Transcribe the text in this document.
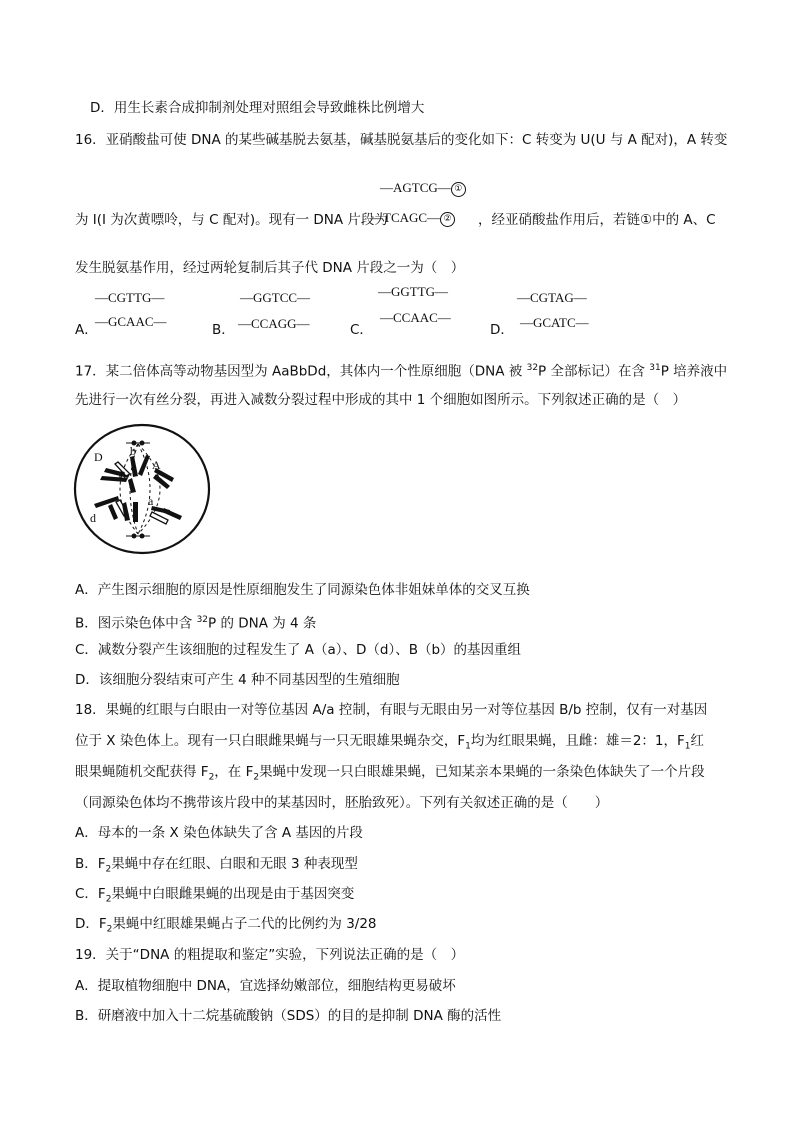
D．用生长素合成抑制剂处理对照组会导致雌株比例增大
16．亚硝酸盐可使 DNA 的某些碱基脱去氨基，碱基脱氨基后的变化如下：C 转变为 U(U 与 A 配对)，A 转变
—AGTCG— ①
为 I(I 为次黄嘌呤，与 C 配对)。现有一 DNA 片段为
—TCAGC— ② ，经亚硝酸盐作用后，若链①中的 A、C
发生脱氨基作用，经过两轮复制后其子代 DNA 片段之一为（　）
—CGTTG—
A．
—GCAAC—
—GGTCC—
B． —CCAGG—
—GGTTG—
C．
—CCAAC—
—CGTAG—
D． —GCATC—
17．某二倍体高等动物基因型为 AaBbDd，其体内一个性原细胞（DNA 被 $^{32}$P 全部标记）在含 $^{31}$P 培养液中
先进行一次有丝分裂，再进入减数分裂过程中形成的其中 1 个细胞如图所示。下列叙述正确的是（　）
D b
B
A
d
a
A．产生图示细胞的原因是性原细胞发生了同源染色体非姐妹单体的交叉互换
B．图示染色体中含 $^{32}$P 的 DNA 为 4 条
C．减数分裂产生该细胞的过程发生了 A（a）、D（d）、B（b）的基因重组
D．该细胞分裂结束可产生 4 种不同基因型的生殖细胞
18．果蝇的红眼与白眼由一对等位基因 A/a 控制，有眼与无眼由另一对等位基因 B/b 控制，仅有一对基因
位于 X 染色体上。现有一只白眼雌果蝇与一只无眼雄果蝇杂交，$F_1$均为红眼果蝇，且雌：雄＝2：1，$F_1$红
眼果蝇随机交配获得 $F_2$，在 $F_2$果蝇中发现一只白眼雄果蝇，已知某亲本果蝇的一条染色体缺失了一个片段
（同源染色体均不携带该片段中的某基因时，胚胎致死）。下列有关叙述正确的是（　　）
A．母本的一条 X 染色体缺失了含 A 基因的片段
B．$F_2$果蝇中存在红眼、白眼和无眼 3 种表现型
C．$F_2$果蝇中白眼雌果蝇的出现是由于基因突变
D．$F_2$果蝇中红眼雄果蝇占子二代的比例约为 3/28
19．关于“DNA 的粗提取和鉴定”实验，下列说法正确的是（　）
A．提取植物细胞中 DNA，宜选择幼嫩部位，细胞结构更易破坏
B．研磨液中加入十二烷基硫酸钠（SDS）的目的是抑制 DNA 酶的活性
